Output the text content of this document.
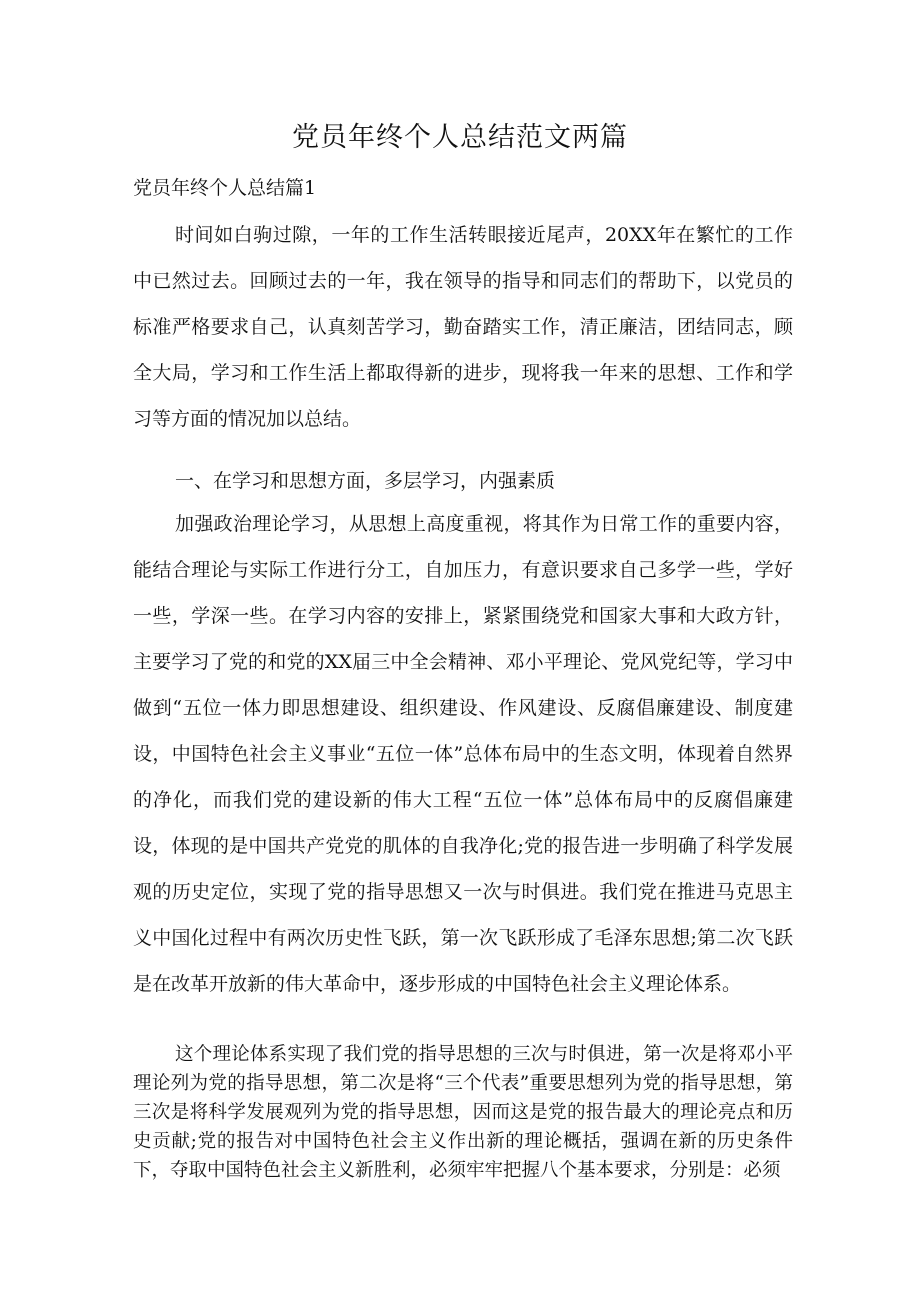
党员年终个人总结范文两篇
党员年终个人总结篇1

时间如白驹过隙，一年的工作生活转眼接近尾声，20XX年在繁忙的工作中已然过去。回顾过去的一年，我在领导的指导和同志们的帮助下，以党员的标准严格要求自己，认真刻苦学习，勤奋踏实工作，清正廉洁，团结同志，顾全大局，学习和工作生活上都取得新的进步，现将我一年来的思想、工作和学习等方面的情况加以总结。

一、在学习和思想方面，多层学习，内强素质

加强政治理论学习，从思想上高度重视，将其作为日常工作的重要内容，能结合理论与实际工作进行分工，自加压力，有意识要求自己多学一些，学好一些，学深一些。在学习内容的安排上，紧紧围绕党和国家大事和大政方针，主要学习了党的和党的XX届三中全会精神、邓小平理论、党风党纪等，学习中做到“五位一体力即思想建设、组织建设、作风建设、反腐倡廉建设、制度建设，中国特色社会主义事业“五位一体”总体布局中的生态文明，体现着自然界的净化，而我们党的建设新的伟大工程“五位一体”总体布局中的反腐倡廉建设，体现的是中国共产党党的肌体的自我净化;党的报告进一步明确了科学发展观的历史定位，实现了党的指导思想又一次与时俱进。我们党在推进马克思主义中国化过程中有两次历史性飞跃，第一次飞跃形成了毛泽东思想;第二次飞跃是在改革开放新的伟大革命中，逐步形成的中国特色社会主义理论体系。

这个理论体系实现了我们党的指导思想的三次与时俱进，第一次是将邓小平理论列为党的指导思想，第二次是将“三个代表”重要思想列为党的指导思想，第三次是将科学发展观列为党的指导思想，因而这是党的报告最大的理论亮点和历史贡献;党的报告对中国特色社会主义作出新的理论概括，强调在新的历史条件下，夺取中国特色社会主义新胜利，必须牢牢把握八个基本要求，分别是：必须
